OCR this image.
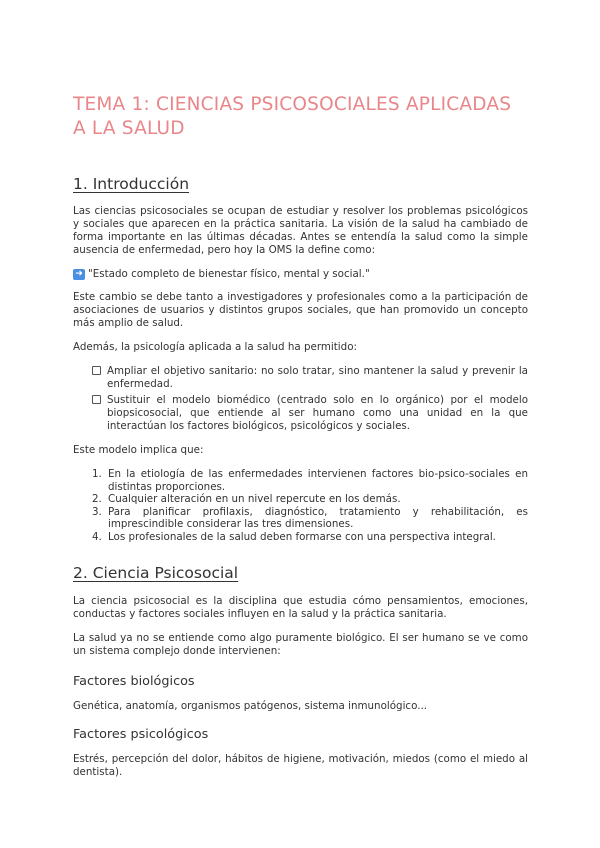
TEMA 1: CIENCIAS PSICOSOCIALES APLICADAS A LA SALUD
1. Introducción

Las ciencias psicosociales se ocupan de estudiar y resolver los problemas psicológicos y sociales que aparecen en la práctica sanitaria. La visión de la salud ha cambiado de forma importante en las últimas décadas. Antes se entendía la salud como la simple ausencia de enfermedad, pero hoy la OMS la define como:

➜ "Estado completo de bienestar físico, mental y social."

Este cambio se debe tanto a investigadores y profesionales como a la participación de asociaciones de usuarios y distintos grupos sociales, que han promovido un concepto más amplio de salud.

Además, la psicología aplicada a la salud ha permitido:

Ampliar el objetivo sanitario: no solo tratar, sino mantener la salud y prevenir la enfermedad.
Sustituir el modelo biomédico (centrado solo en lo orgánico) por el modelo biopsicosocial, que entiende al ser humano como una unidad en la que interactúan los factores biológicos, psicológicos y sociales.

Este modelo implica que:

1. En la etiología de las enfermedades intervienen factores bio-psico-sociales en distintas proporciones.
2. Cualquier alteración en un nivel repercute en los demás.
3. Para planificar profilaxis, diagnóstico, tratamiento y rehabilitación, es imprescindible considerar las tres dimensiones.
4. Los profesionales de la salud deben formarse con una perspectiva integral.
2. Ciencia Psicosocial

La ciencia psicosocial es la disciplina que estudia cómo pensamientos, emociones, conductas y factores sociales influyen en la salud y la práctica sanitaria.

La salud ya no se entiende como algo puramente biológico. El ser humano se ve como un sistema complejo donde intervienen:

Factores biológicos

Genética, anatomía, organismos patógenos, sistema inmunológico...

Factores psicológicos

Estrés, percepción del dolor, hábitos de higiene, motivación, miedos (como el miedo al dentista).
